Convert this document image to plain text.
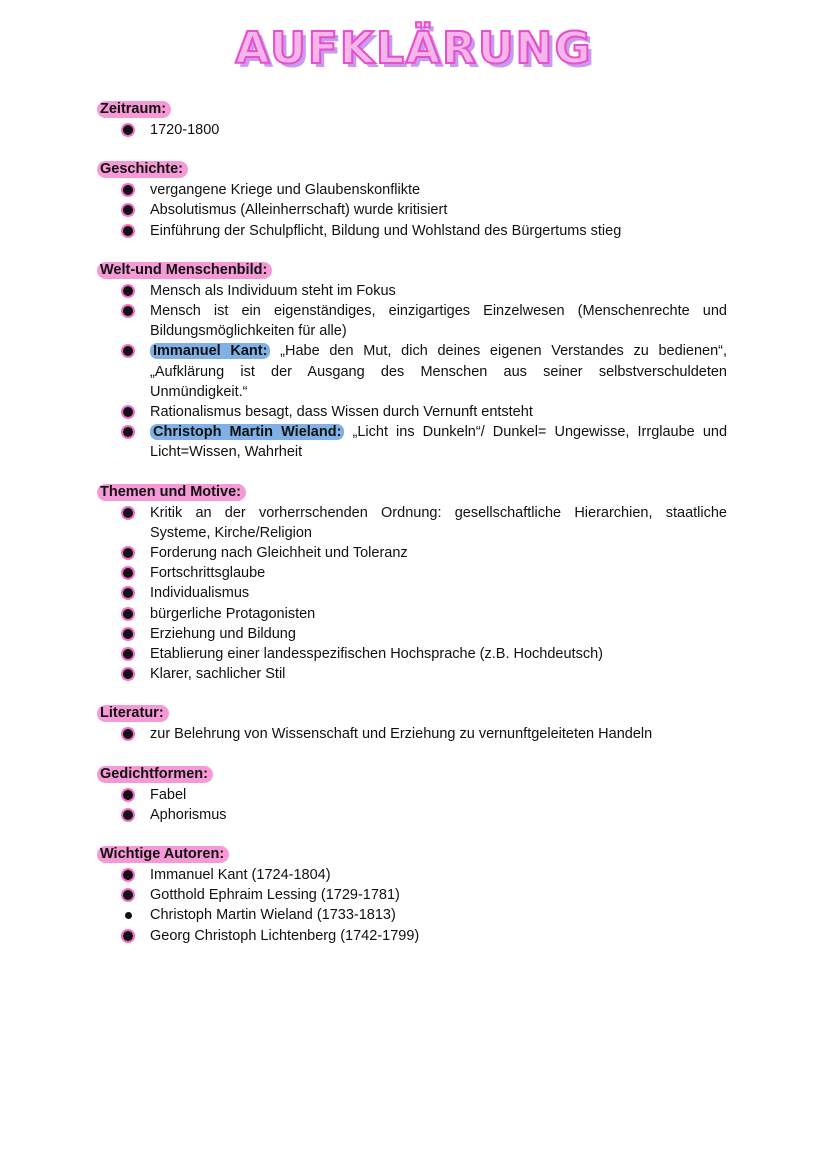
AUFKLÄRUNG
Zeitraum:
1720-1800
Geschichte:
vergangene Kriege und Glaubenskonflikte
Absolutismus (Alleinherrschaft) wurde kritisiert
Einführung der Schulpflicht, Bildung und Wohlstand des Bürgertums stieg
Welt-und Menschenbild:
Mensch als Individuum steht im Fokus
Mensch ist ein eigenständiges, einzigartiges Einzelwesen (Menschenrechte und Bildungsmöglichkeiten für alle)
Immanuel Kant: „Habe den Mut, dich deines eigenen Verstandes zu bedienen“, „Aufklärung ist der Ausgang des Menschen aus seiner selbstverschuldeten Unmündigkeit.“
Rationalismus besagt, dass Wissen durch Vernunft entsteht
Christoph Martin Wieland: „Licht ins Dunkeln“/ Dunkel= Ungewisse, Irrglaube und Licht=Wissen, Wahrheit
Themen und Motive:
Kritik an der vorherrschenden Ordnung: gesellschaftliche Hierarchien, staatliche Systeme, Kirche/Religion
Forderung nach Gleichheit und Toleranz
Fortschrittsglaube
Individualismus
bürgerliche Protagonisten
Erziehung und Bildung
Etablierung einer landesspezifischen Hochsprache (z.B. Hochdeutsch)
Klarer, sachlicher Stil
Literatur:
zur Belehrung von Wissenschaft und Erziehung zu vernunftgeleiteten Handeln
Gedichtformen:
Fabel
Aphorismus
Wichtige Autoren:
Immanuel Kant (1724-1804)
Gotthold Ephraim Lessing (1729-1781)
Christoph Martin Wieland (1733-1813)
Georg Christoph Lichtenberg (1742-1799)
